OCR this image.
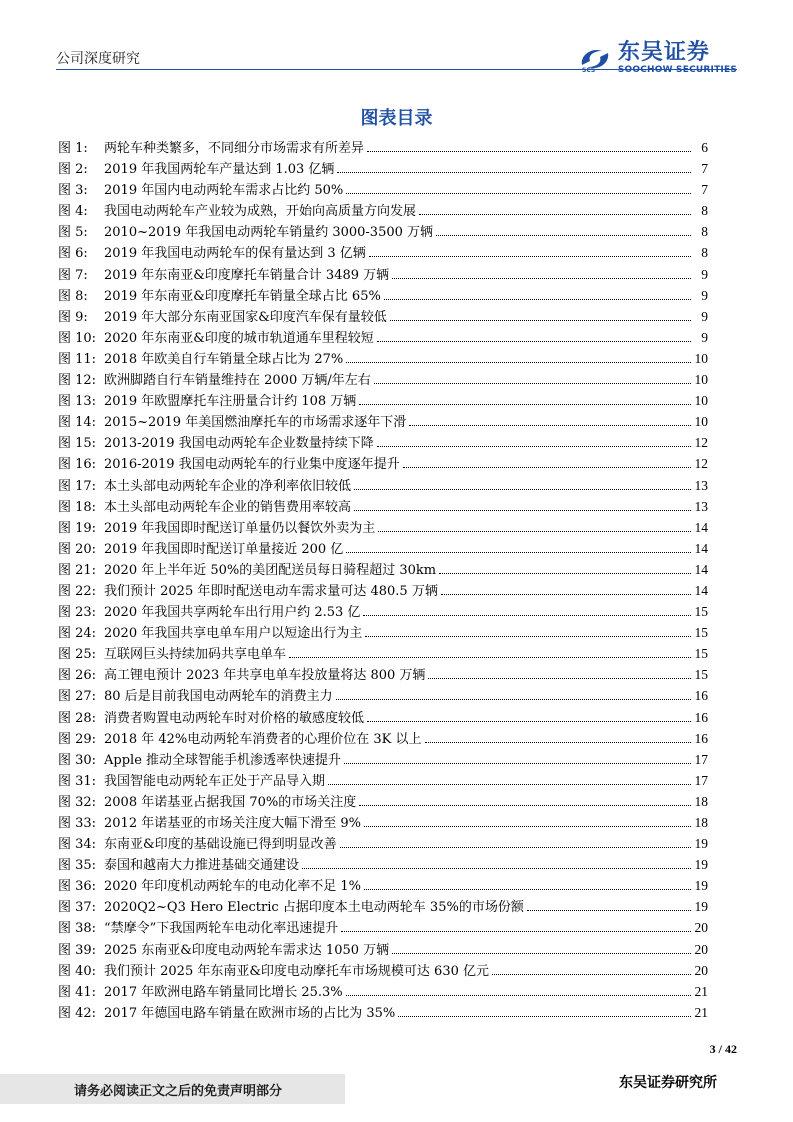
公司深度研究
SCS
东吴证券
SOOCHOW SECURITIES
图表目录
图 1:	两轮车种类繁多，不同细分市场需求有所差异	6
图 2:	2019 年我国两轮车产量达到 1.03 亿辆	7
图 3:	2019 年国内电动两轮车需求占比约 50%	7
图 4:	我国电动两轮车产业较为成熟，开始向高质量方向发展	8
图 5:	2010~2019 年我国电动两轮车销量约 3000-3500 万辆	8
图 6:	2019 年我国电动两轮车的保有量达到 3 亿辆	8
图 7:	2019 年东南亚&印度摩托车销量合计 3489 万辆	9
图 8:	2019 年东南亚&印度摩托车销量全球占比 65%	9
图 9:	2019 年大部分东南亚国家&印度汽车保有量较低	9
图 10: 2020 年东南亚&印度的城市轨道通车里程较短	9
图 11: 2018 年欧美自行车销量全球占比为 27%	10
图 12: 欧洲脚踏自行车销量维持在 2000 万辆/年左右	10
图 13: 2019 年欧盟摩托车注册量合计约 108 万辆	10
图 14: 2015~2019 年美国燃油摩托车的市场需求逐年下滑	10
图 15: 2013-2019 我国电动两轮车企业数量持续下降	12
图 16: 2016-2019 我国电动两轮车的行业集中度逐年提升	12
图 17: 本土头部电动两轮车企业的净利率依旧较低	13
图 18: 本土头部电动两轮车企业的销售费用率较高	13
图 19: 2019 年我国即时配送订单量仍以餐饮外卖为主	14
图 20: 2019 年我国即时配送订单量接近 200 亿	14
图 21: 2020 年上半年近 50%的美团配送员每日骑程超过 30km	14
图 22: 我们预计 2025 年即时配送电动车需求量可达 480.5 万辆	14
图 23: 2020 年我国共享两轮车出行用户约 2.53 亿	15
图 24: 2020 年我国共享电单车用户以短途出行为主	15
图 25: 互联网巨头持续加码共享电单车	15
图 26: 高工锂电预计 2023 年共享电单车投放量将达 800 万辆	15
图 27: 80 后是目前我国电动两轮车的消费主力	16
图 28: 消费者购置电动两轮车时对价格的敏感度较低	16
图 29: 2018 年 42%电动两轮车消费者的心理价位在 3K 以上	16
图 30: Apple 推动全球智能手机渗透率快速提升	17
图 31: 我国智能电动两轮车正处于产品导入期	17
图 32: 2008 年诺基亚占据我国 70%的市场关注度	18
图 33: 2012 年诺基亚的市场关注度大幅下滑至 9%	18
图 34: 东南亚&印度的基础设施已得到明显改善	19
图 35: 泰国和越南大力推进基础交通建设	19
图 36: 2020 年印度机动两轮车的电动化率不足 1%	19
图 37: 2020Q2~Q3 Hero Electric 占据印度本土电动两轮车 35%的市场份额	19
图 38: “禁摩令”下我国两轮车电动化率迅速提升	20
图 39: 2025 东南亚&印度电动两轮车需求达 1050 万辆	20
图 40: 我们预计 2025 年东南亚&印度电动摩托车市场规模可达 630 亿元	20
图 41: 2017 年欧洲电路车销量同比增长 25.3%	21
图 42: 2017 年德国电路车销量在欧洲市场的占比为 35%	21
3 / 42
请务必阅读正文之后的免责声明部分
东吴证券研究所
